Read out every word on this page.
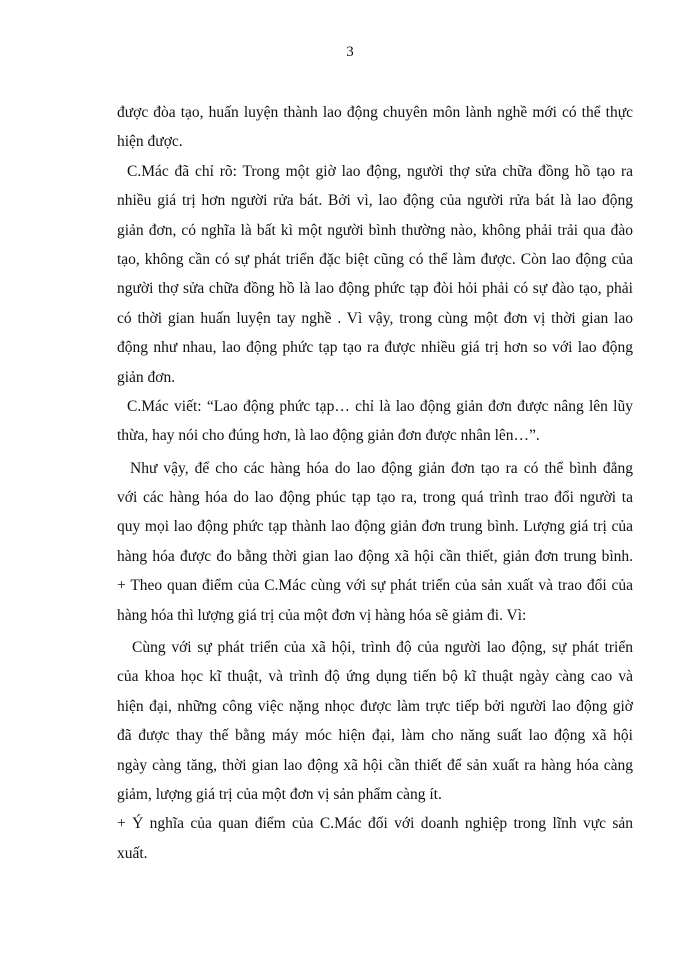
3
được đòa tạo, huấn luyện thành lao động chuyên môn lành nghề mới có thể thực
hiện được.
C.Mác đã chỉ rõ: Trong một giờ lao động, người thợ sửa chữa đồng hồ tạo ra
nhiều giá trị hơn người rửa bát. Bởi vì, lao động của người rửa bát là lao động
giản đơn, có nghĩa là bất kì một người bình thường nào, không phải trải qua đào
tạo, không cần có sự phát triển đặc biệt cũng có thể làm được. Còn lao động của
người thợ sửa chữa đồng hồ là lao động phức tạp đòi hỏi phải có sự đào tạo, phải
có thời gian huấn luyện tay nghề . Vì vậy, trong cùng một đơn vị thời gian lao
động như nhau, lao động phức tạp tạo ra được nhiều giá trị hơn so với lao động
giản đơn.
C.Mác viết: “Lao động phức tạp… chỉ là lao động giản đơn được nâng lên lũy
thừa, hay nói cho đúng hơn, là lao động giản đơn được nhân lên…”.
Như vậy, để cho các hàng hóa do lao động giản đơn tạo ra có thể bình đẳng
với các hàng hóa do lao động phúc tạp tạo ra, trong quá trình trao đổi người ta
quy mọi lao động phức tạp thành lao động giản đơn trung bình. Lượng giá trị của
hàng hóa được đo bằng thời gian lao động xã hội cần thiết, giản đơn trung bình.
+ Theo quan điểm của C.Mác cùng với sự phát triển của sản xuất và trao đổi của
hàng hóa thì lượng giá trị của một đơn vị hàng hóa sẽ giảm đi. Vì:
Cùng với sự phát triển của xã hội, trình độ của người lao động, sự phát triển
của khoa học kĩ thuật, và trình độ ứng dụng tiến bộ kĩ thuật ngày càng cao và
hiện đại, những công việc nặng nhọc được làm trực tiếp bởi người lao động giờ
đã được thay thế bằng máy móc hiện đại, làm cho năng suất lao động xã hội
ngày càng tăng, thời gian lao động xã hội cần thiết để sản xuất ra hàng hóa càng
giảm, lượng giá trị của một đơn vị sản phẩm càng ít.
+ Ý nghĩa của quan điểm của C.Mác đối với doanh nghiệp trong lĩnh vực sản
xuất.
